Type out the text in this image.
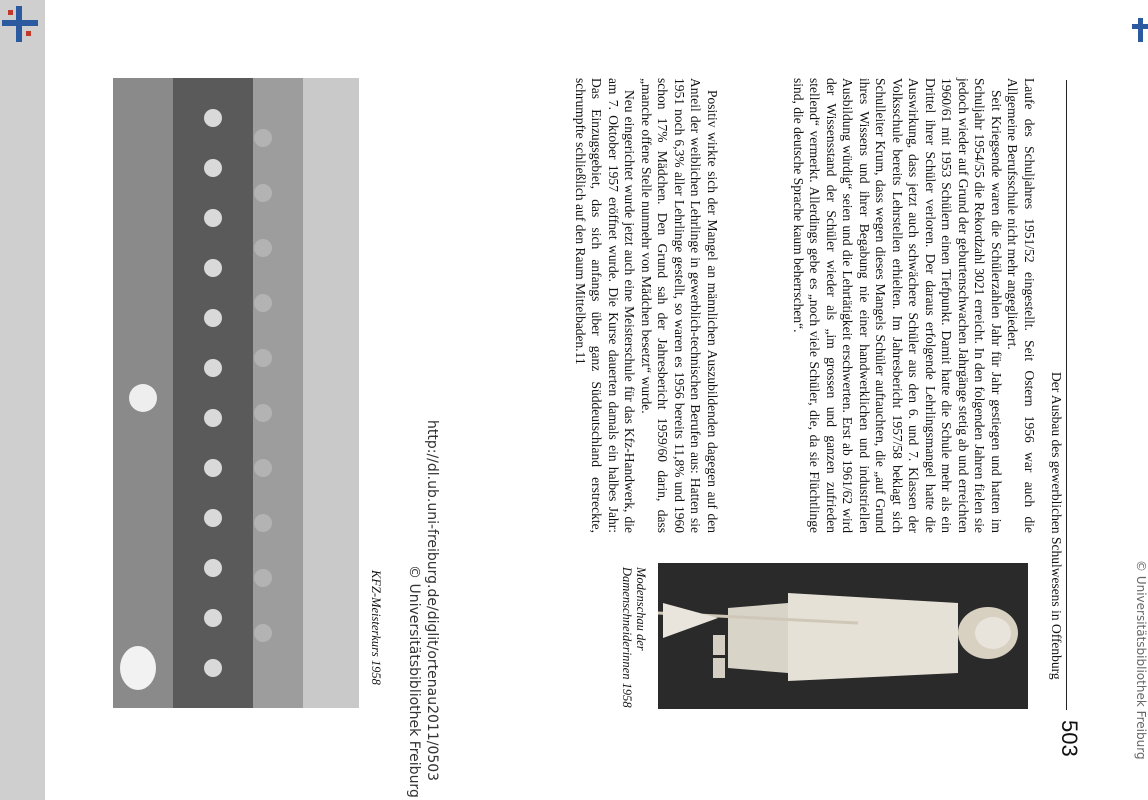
http://dl.ub.uni-freiburg.de/diglit/ortenau2011/0503
© Universitätsbibliothek Freiburg	© Universitätsbibliothek Freiburg
503
Der Ausbau des gewerblichen Schulwesens in Offenburg

Laufe des Schuljahres 1951/52 eingestellt. Seit Ostern 1956 war auch die Allgemeine Berufsschule nicht mehr angegliedert.

Seit Kriegsende waren die Schülerzahlen Jahr für Jahr gestiegen und hatten im Schuljahr 1954/55 die Rekordzahl 3021 erreicht. In den folgenden Jahren fielen sie jedoch wieder auf Grund der geburtenschwachen Jahrgänge stetig ab und erreichten 1960/61 mit 1953 Schülern einen Tiefpunkt. Damit hatte die Schule mehr als ein Drittel ihrer Schüler verloren. Der daraus erfolgende Lehrlingsmangel hatte die Auswirkung, dass jetzt auch schwächere Schüler aus den 6. und 7. Klassen der Volksschule bereits Lehrstellen erhielten. Im Jahresbericht 1957/58 beklagt sich Schulleiter Krum, dass wegen dieses Mangels Schüler auftauchten, die „auf Grund ihres Wissens und ihrer Begabung nie einer handwerklichen und industriellen Ausbildung würdig“ seien und die Lehrtätigkeit erschwerten. Erst ab 1961/62 wird der Wissensstand der Schüler wieder als „im grossen und ganzen zufrieden stellend“ vermerkt. Allerdings gebe es „noch viele Schüler, die, da sie Flüchtlinge sind, die deutsche Sprache kaum beherrschen“.

Positiv wirkte sich der Mangel an männlichen Auszubildenden dagegen auf den Anteil der weiblichen Lehrlinge in gewerblich-technischen Berufen aus: Hatten sie 1951 noch 6,3% aller Lehrlinge gestellt, so waren es 1956 bereits 11,8% und 1960 schon 17% Mädchen. Den Grund sah der Jahresbericht 1959/60 darin, dass „manche offene Stelle nunmehr von Mädchen besetzt“ wurde.

Neu eingerichtet wurde jetzt auch eine Meisterschule für das Kfz-Handwerk, die am 7. Oktober 1957 eröffnet wurde. Die Kurse dauerten damals ein halbes Jahr: Das Einzugsgebiet, das sich anfangs über ganz Süddeutschland erstreckte, schrumpfte schließlich auf den Raum Mittelbaden.11

Modenschau der Damenschneiderinnen 1958
KFZ-Meisterkurs 1958
